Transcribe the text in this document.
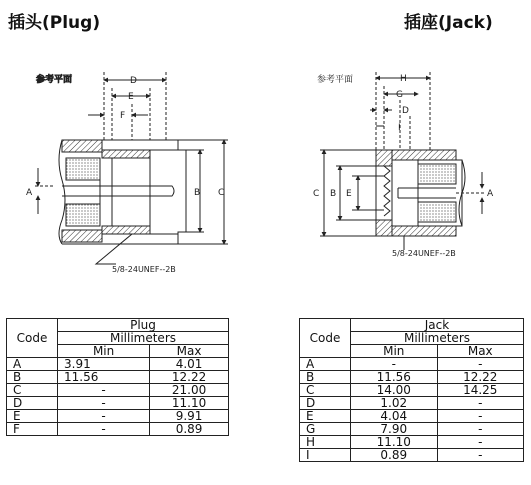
插头(Plug)	插座(Jack)
参考平面	D
E
F
A	B C
5/8-24UNEF--2B
参考平面	H
G
D
I
C B E	A
5/8-24UNEF--2B
Code	Plug	
	Millimeters	
	Min	Max
A	3.91	4.01
B	11.56	12.22
C	-	21.00
D	-	11.10
E	-	9.91
F	-	0.89
Code	Jack	
	Millimeters	
	Min	Max
A	-	-
B	11.56	12.22
C	14.00	14.25
D	1.02	-
E	4.04	-
G	7.90	-
H	11.10	-
I	0.89	-
